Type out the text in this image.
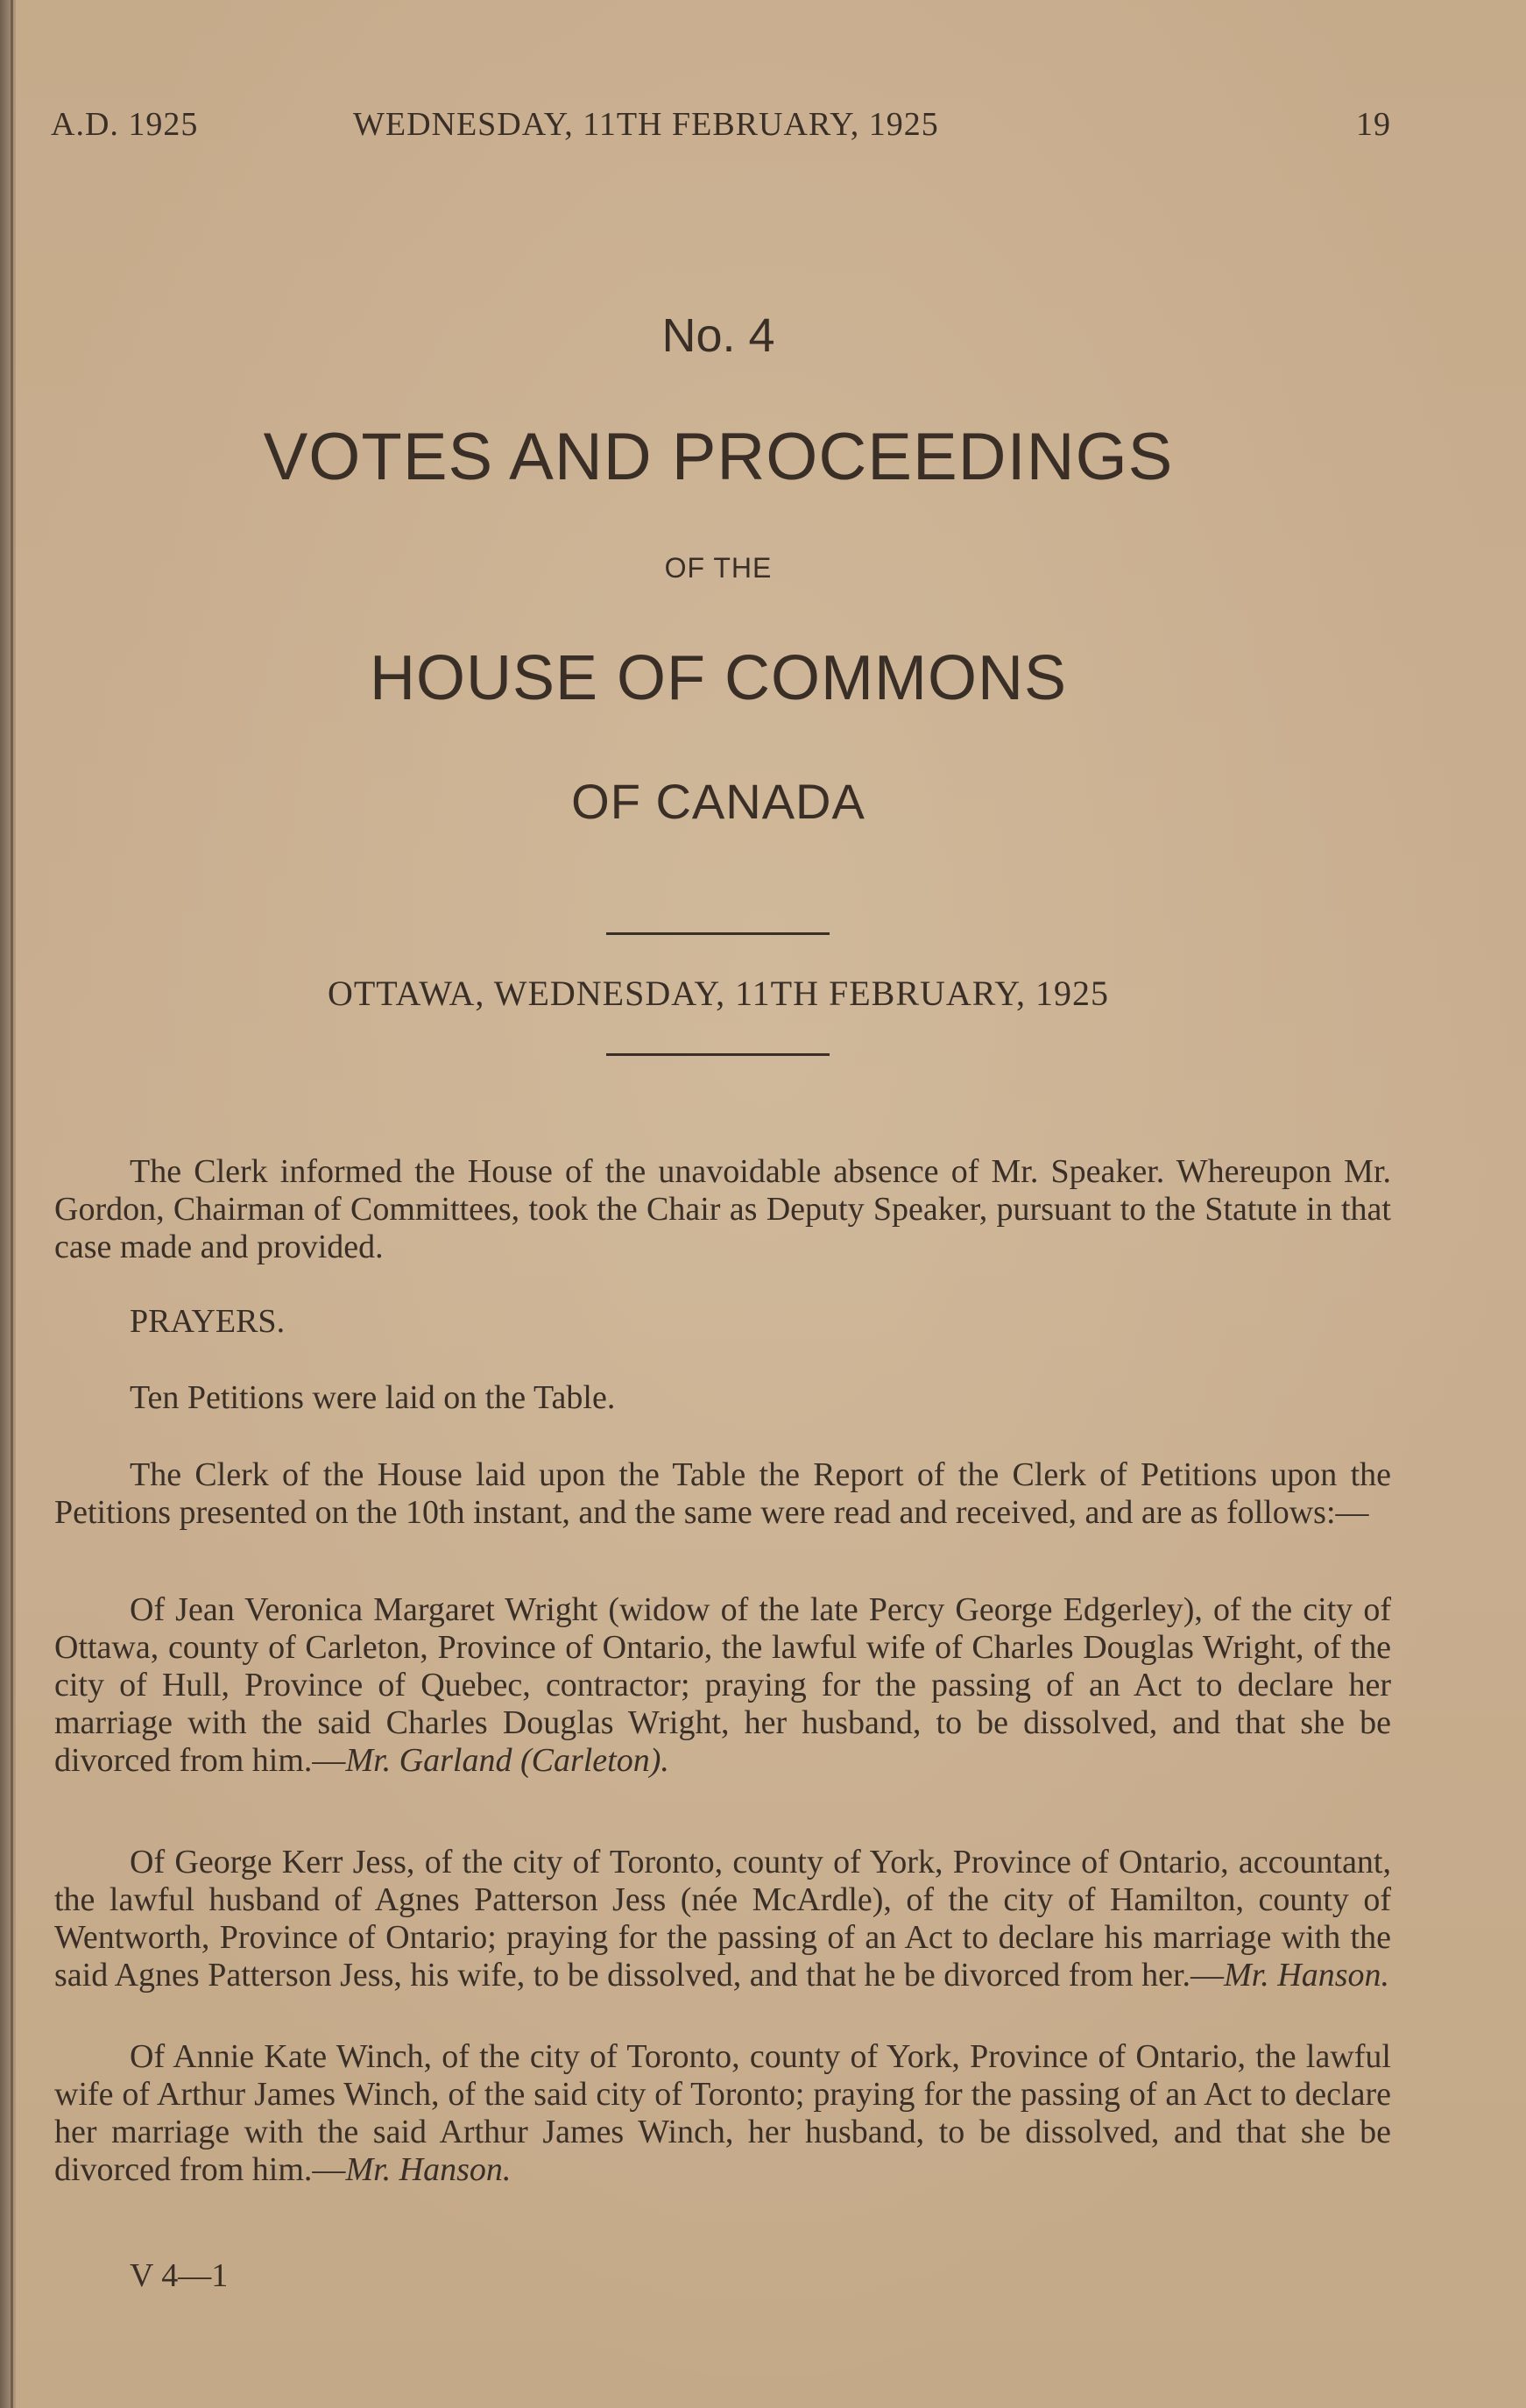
A.D. 1925	WEDNESDAY, 11TH FEBRUARY, 1925	19
No. 4
VOTES AND PROCEEDINGS
OF THE
HOUSE OF COMMONS
OF CANADA
OTTAWA, WEDNESDAY, 11TH FEBRUARY, 1925

The Clerk informed the House of the unavoidable absence of Mr. Speaker. Whereupon Mr. Gordon, Chairman of Committees, took the Chair as Deputy Speaker, pursuant to the Statute in that case made and provided.

PRAYERS.

Ten Petitions were laid on the Table.

The Clerk of the House laid upon the Table the Report of the Clerk of Petitions upon the Petitions presented on the 10th instant, and the same were read and received, and are as follows:—

Of Jean Veronica Margaret Wright (widow of the late Percy George Edgerley), of the city of Ottawa, county of Carleton, Province of Ontario, the lawful wife of Charles Douglas Wright, of the city of Hull, Province of Quebec, contractor; praying for the passing of an Act to declare her marriage with the said Charles Douglas Wright, her husband, to be dissolved, and that she be divorced from him.—Mr. Garland (Carleton).

Of George Kerr Jess, of the city of Toronto, county of York, Province of Ontario, accountant, the lawful husband of Agnes Patterson Jess (née McArdle), of the city of Hamilton, county of Wentworth, Province of Ontario; praying for the passing of an Act to declare his marriage with the said Agnes Patterson Jess, his wife, to be dissolved, and that he be divorced from her.—Mr. Hanson.

Of Annie Kate Winch, of the city of Toronto, county of York, Province of Ontario, the lawful wife of Arthur James Winch, of the said city of Toronto; praying for the passing of an Act to declare her marriage with the said Arthur James Winch, her husband, to be dissolved, and that she be divorced from him.—Mr. Hanson.

V 4—1
